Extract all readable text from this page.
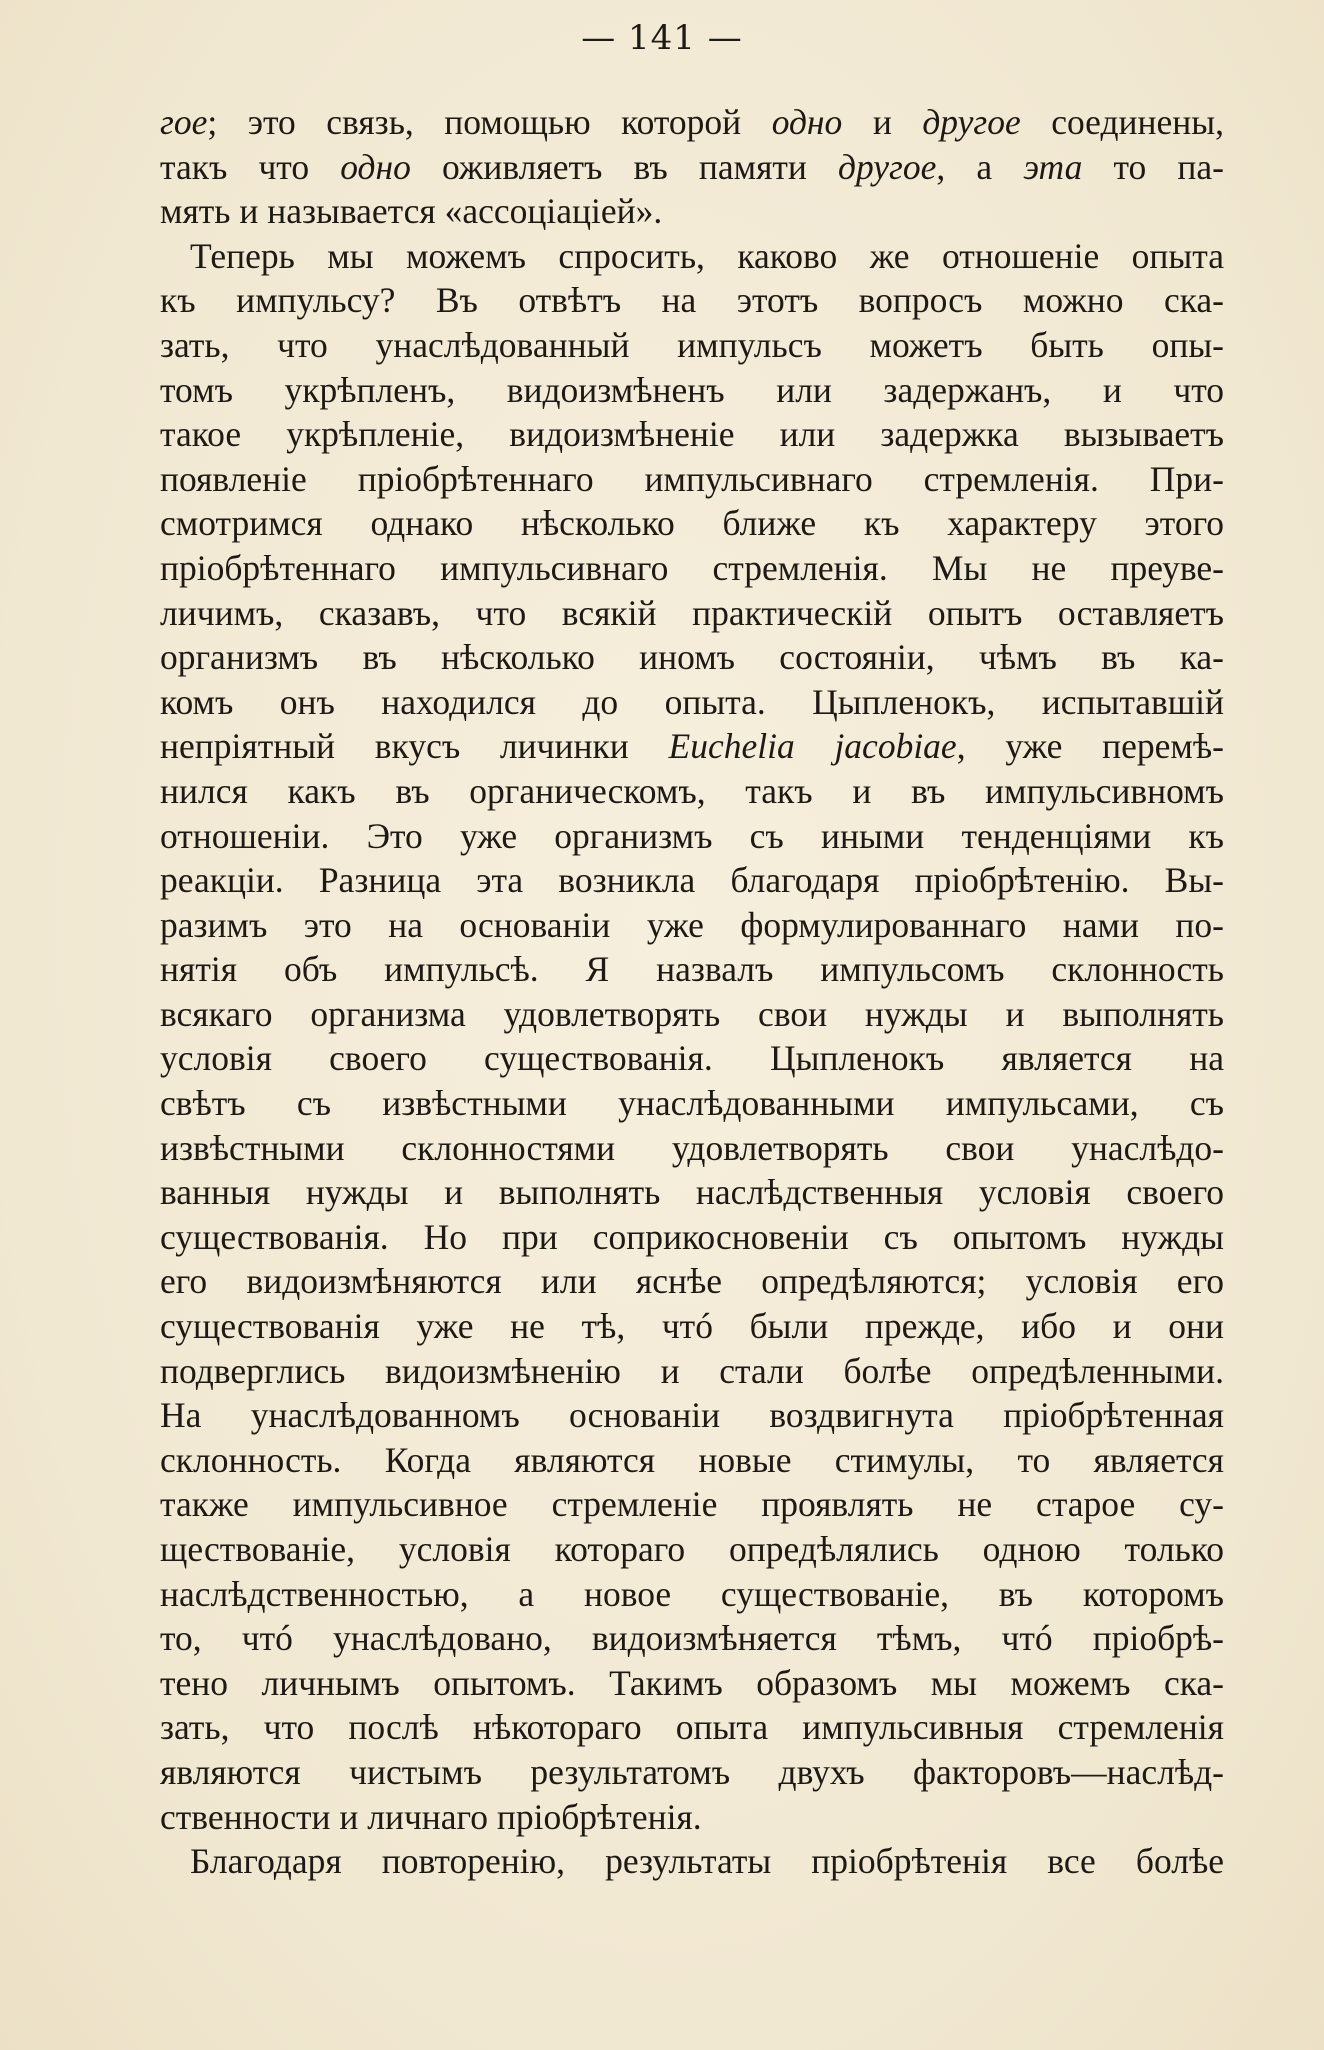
— 141 —
гое; это связь, помощью которой одно и другое соединены,
такъ что одно оживляетъ въ памяти другое, а эта то па-
мять и называется «ассоціацiей».
Теперь мы можемъ спросить, каково же отношеніе опыта
къ импульсу? Въ отвѣтъ на этотъ вопросъ можно ска-
зать, что унаслѣдованный импульсъ можетъ быть опы-
томъ укрѣпленъ, видоизмѣненъ или задержанъ, и что
такое укрѣпленіе, видоизмѣненіе или задержка вызываетъ
появленіе пріобрѣтеннаго импульсивнаго стремленія. При-
смотримся однако нѣсколько ближе къ характеру этого
пріобрѣтеннаго импульсивнаго стремленія. Мы не преуве-
личимъ, сказавъ, что всякій практическій опытъ оставляетъ
организмъ въ нѣсколько иномъ состояніи, чѣмъ въ ка-
комъ онъ находился до опыта. Цыпленокъ, испытавшій
непріятный вкусъ личинки Euchelia jacobiae, уже перемѣ-
нился какъ въ органическомъ, такъ и въ импульсивномъ
отношеніи. Это уже организмъ съ иными тенденціями къ
реакціи. Разница эта возникла благодаря пріобрѣтенію. Вы-
разимъ это на основаніи уже формулированнаго нами по-
нятія объ импульсѣ. Я назвалъ импульсомъ склонность
всякаго организма удовлетворять свои нужды и выполнять
условія своего существованія. Цыпленокъ является на
свѣтъ съ извѣстными унаслѣдованными импульсами, съ
извѣстными склонностями удовлетворять свои унаслѣдо-
ванныя нужды и выполнять наслѣдственныя условія своего
существованія. Но при соприкосновеніи съ опытомъ нужды
его видоизмѣняются или яснѣе опредѣляются; условія его
существованія уже не тѣ, чтó были прежде, ибо и они
подверглись видоизмѣненію и стали болѣе опредѣленными.
На унаслѣдованномъ основаніи воздвигнута пріобрѣтенная
склонность. Когда являются новые стимулы, то является
также импульсивное стремленіе проявлять не старое су-
ществованіе, условія котораго опредѣлялись одною только
наслѣдственностью, а новое существованіе, въ которомъ
то, чтó унаслѣдовано, видоизмѣняется тѣмъ, чтó пріобрѣ-
тено личнымъ опытомъ. Такимъ образомъ мы можемъ ска-
зать, что послѣ нѣкотораго опыта импульсивныя стремленія
являются чистымъ результатомъ двухъ факторовъ—наслѣд-
ственности и личнаго пріобрѣтенія.
Благодаря повторенію, результаты пріобрѣтенія все болѣе
